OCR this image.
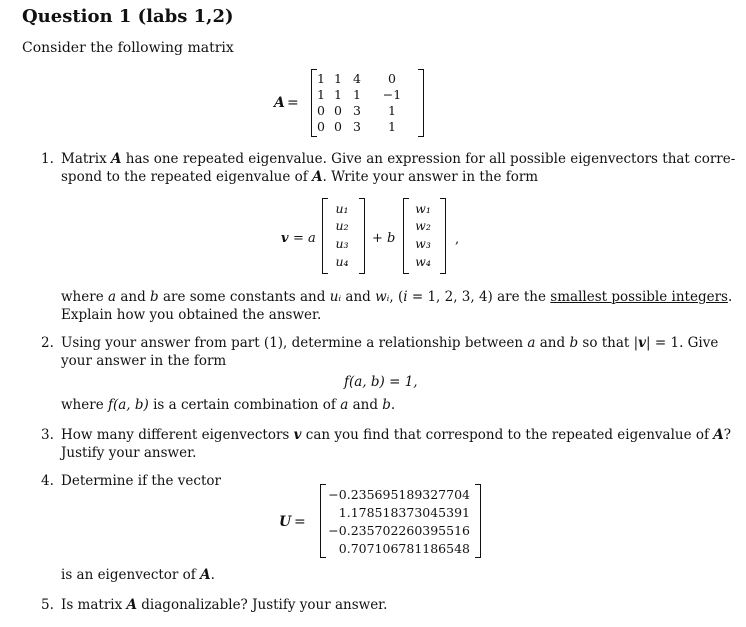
Question 1 (labs 1,2)
Consider the following matrix
A =
1 1 4	0
1 1 1	−1
0 0 3	1
0 0 3	1
1. Matrix A has one repeated eigenvalue. Give an expression for all possible eigenvectors that corre-
spond to the repeated eigenvalue of A. Write your answer in the form
v = a
u₁
u₂
u₃
u₄
+ b
w₁
w₂
w₃
w₄
,
where a and b are some constants and uᵢ and wᵢ, (i = 1, 2, 3, 4) are the smallest possible integers.
Explain how you obtained the answer.
2. Using your answer from part (1), determine a relationship between a and b so that |v| = 1. Give
your answer in the form
f(a, b) = 1,
where f(a, b) is a certain combination of a and b.
3. How many different eigenvectors v can you find that correspond to the repeated eigenvalue of A?
Justify your answer.
4. Determine if the vector
U =
−0.235695189327704
1.178518373045391
−0.235702260395516
0.707106781186548
is an eigenvector of A.
5. Is matrix A diagonalizable? Justify your answer.
